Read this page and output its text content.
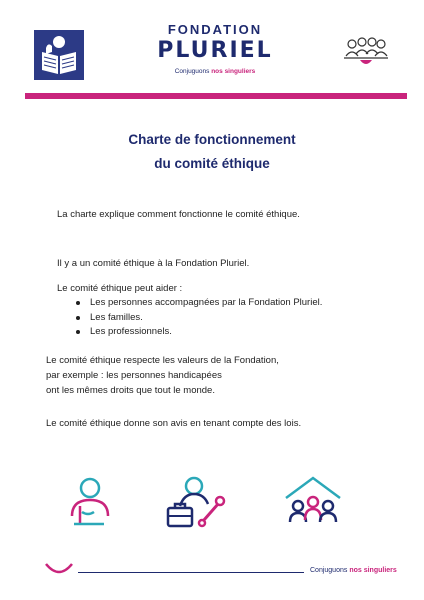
FONDATION
PLURIEL
Conjuguons nos singuliers
Charte de fonctionnement
du comité éthique
La charte explique comment fonctionne le comité éthique.
Il y a un comité éthique à la Fondation Pluriel.
Le comité éthique peut aider :
Les personnes accompagnées par la Fondation Pluriel.
Les familles.
Les professionnels.
Le comité éthique respecte les valeurs de la Fondation,
par exemple : les personnes handicapées
ont les mêmes droits que tout le monde.
Le comité éthique donne son avis en tenant compte des lois.
Conjuguons nos singuliers
